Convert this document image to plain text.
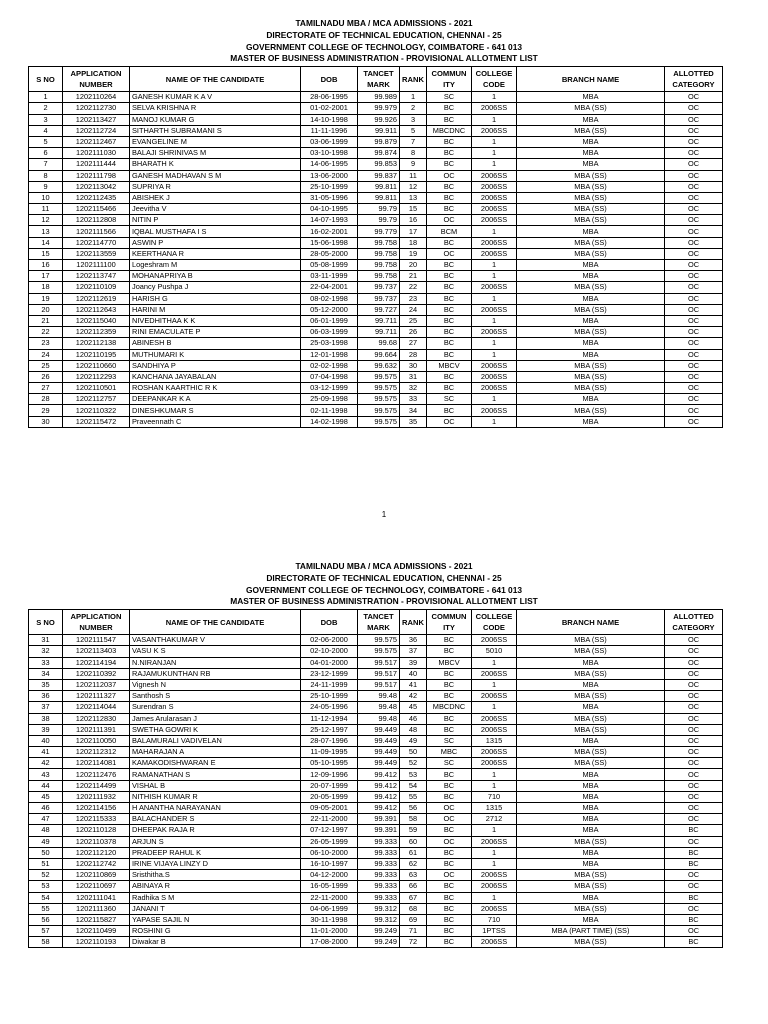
TAMILNADU MBA / MCA ADMISSIONS - 2021
DIRECTORATE OF TECHNICAL EDUCATION, CHENNAI - 25
GOVERNMENT COLLEGE OF TECHNOLOGY, COIMBATORE - 641 013
MASTER OF BUSINESS ADMINISTRATION - PROVISIONAL ALLOTMENT LIST
S NO	APPLICATION NUMBER	NAME OF THE CANDIDATE	DOB	TANCET MARK	RANK	COMMUN ITY	COLLEGE CODE	BRANCH NAME	ALLOTTED CATEGORY
1	1202110264	GANESH KUMAR K A V	28-06-1995	99.989	1	SC	1	MBA	OC
2	1202112730	SELVA KRISHNA R	01-02-2001	99.979	2	BC	2006SS	MBA (SS)	OC
3	1202113427	MANOJ KUMAR G	14-10-1998	99.926	3	BC	1	MBA	OC
4	1202112724	SITHARTH SUBRAMANI S	11-11-1996	99.911	5	MBCDNC	2006SS	MBA (SS)	OC
5	1202112467	EVANGELINE M	03-06-1999	99.879	7	BC	1	MBA	OC
6	1202111030	BALAJI SHRINIVAS M	03-10-1998	99.874	8	BC	1	MBA	OC
7	1202111444	BHARATH K	14-06-1995	99.853	9	BC	1	MBA	OC
8	1202111798	GANESH MADHAVAN S M	13-06-2000	99.837	11	OC	2006SS	MBA (SS)	OC
9	1202113042	SUPRIYA R	25-10-1999	99.811	12	BC	2006SS	MBA (SS)	OC
10	1202112435	ABISHEK J	31-05-1996	99.811	13	BC	2006SS	MBA (SS)	OC
11	1202115466	Jeevitha V	04-10-1995	99.79	15	BC	2006SS	MBA (SS)	OC
12	1202112808	NITIN P	14-07-1993	99.79	16	OC	2006SS	MBA (SS)	OC
13	1202111566	IQBAL MUSTHAFA I S	16-02-2001	99.779	17	BCM	1	MBA	OC
14	1202114770	ASWIN P	15-06-1998	99.758	18	BC	2006SS	MBA (SS)	OC
15	1202113559	KEERTHANA R	28-05-2000	99.758	19	OC	2006SS	MBA (SS)	OC
16	1202111100	Logeshram M	05-08-1999	99.758	20	BC	1	MBA	OC
17	1202113747	MOHANAPRIYA B	03-11-1999	99.758	21	BC	1	MBA	OC
18	1202110109	Joancy Pushpa J	22-04-2001	99.737	22	BC	2006SS	MBA (SS)	OC
19	1202112619	HARISH G	08-02-1998	99.737	23	BC	1	MBA	OC
20	1202112643	HARINI M	05-12-2000	99.727	24	BC	2006SS	MBA (SS)	OC
21	1202115040	NIVEDHITHAA K K	06-01-1999	99.711	25	BC	1	MBA	OC
22	1202112359	RINI EMACULATE P	06-03-1999	99.711	26	BC	2006SS	MBA (SS)	OC
23	1202112138	ABINESH B	25-03-1998	99.68	27	BC	1	MBA	OC
24	1202110195	MUTHUMARI K	12-01-1998	99.664	28	BC	1	MBA	OC
25	1202110660	SANDHIYA P	02-02-1998	99.632	30	MBCV	2006SS	MBA (SS)	OC
26	1202112293	KANCHANA JAYABALAN	07-04-1998	99.575	31	BC	2006SS	MBA (SS)	OC
27	1202110501	ROSHAN KAARTHIC R K	03-12-1999	99.575	32	BC	2006SS	MBA (SS)	OC
28	1202112757	DEEPANKAR K A	25-09-1998	99.575	33	SC	1	MBA	OC
29	1202110322	DINESHKUMAR S	02-11-1998	99.575	34	BC	2006SS	MBA (SS)	OC
30	1202115472	Praveennath C	14-02-1998	99.575	35	OC	1	MBA	OC
1
TAMILNADU MBA / MCA ADMISSIONS - 2021
DIRECTORATE OF TECHNICAL EDUCATION, CHENNAI - 25
GOVERNMENT COLLEGE OF TECHNOLOGY, COIMBATORE - 641 013
MASTER OF BUSINESS ADMINISTRATION - PROVISIONAL ALLOTMENT LIST
S NO	APPLICATION NUMBER	NAME OF THE CANDIDATE	DOB	TANCET MARK	RANK	COMMUN ITY	COLLEGE CODE	BRANCH NAME	ALLOTTED CATEGORY
31	1202111547	VASANTHAKUMAR V	02-06-2000	99.575	36	BC	2006SS	MBA (SS)	OC
32	1202113403	VASU K S	02-10-2000	99.575	37	BC	5010	MBA (SS)	OC
33	1202114194	N.NIRANJAN	04-01-2000	99.517	39	MBCV	1	MBA	OC
34	1202110392	RAJAMUKUNTHAN RB	23-12-1999	99.517	40	BC	2006SS	MBA (SS)	OC
35	1202112037	Vignesh N	24-11-1999	99.517	41	BC	1	MBA	OC
36	1202111327	Santhosh S	25-10-1999	99.48	42	BC	2006SS	MBA (SS)	OC
37	1202114044	Surendran S	24-05-1996	99.48	45	MBCDNC	1	MBA	OC
38	1202112830	James Arularasan J	11-12-1994	99.48	46	BC	2006SS	MBA (SS)	OC
39	1202111391	SWETHA GOWRI K	25-12-1997	99.449	48	BC	2006SS	MBA (SS)	OC
40	1202110050	BALAMURALI VADIVELAN	28-07-1996	99.449	49	SC	1315	MBA	OC
41	1202112312	MAHARAJAN A	11-09-1995	99.449	50	MBC	2006SS	MBA (SS)	OC
42	1202114081	KAMAKODISHWARAN E	05-10-1995	99.449	52	SC	2006SS	MBA (SS)	OC
43	1202112476	RAMANATHAN S	12-09-1996	99.412	53	BC	1	MBA	OC
44	1202114499	VISHAL B	20-07-1999	99.412	54	BC	1	MBA	OC
45	1202111932	NITHISH KUMAR R	20-05-1999	99.412	55	BC	710	MBA	OC
46	1202114156	H ANANTHA NARAYANAN	09-05-2001	99.412	56	OC	1315	MBA	OC
47	1202115333	BALACHANDER S	22-11-2000	99.391	58	OC	2712	MBA	OC
48	1202110128	DHEEPAK RAJA R	07-12-1997	99.391	59	BC	1	MBA	BC
49	1202110378	ARJUN S	26-05-1999	99.333	60	OC	2006SS	MBA (SS)	OC
50	1202112120	PRADEEP RAHUL K	06-10-2000	99.333	61	BC	1	MBA	BC
51	1202112742	IRINE VIJAYA LINZY D	16-10-1997	99.333	62	BC	1	MBA	BC
52	1202110869	Sristhitha.S	04-12-2000	99.333	63	OC	2006SS	MBA (SS)	OC
53	1202110697	ABINAYA R	16-05-1999	99.333	66	BC	2006SS	MBA (SS)	OC
54	1202111041	Radhika S M	22-11-2000	99.333	67	BC	1	MBA	BC
55	1202111360	JANANI T	04-06-1999	99.312	68	BC	2006SS	MBA (SS)	OC
56	1202115827	YAPASE SAJIL N	30-11-1998	99.312	69	BC	710	MBA	BC
57	1202110499	ROSHINI G	11-01-2000	99.249	71	BC	1PTSS	MBA (PART TIME) (SS)	OC
58	1202110193	Diwakar B	17-08-2000	99.249	72	BC	2006SS	MBA (SS)	BC
